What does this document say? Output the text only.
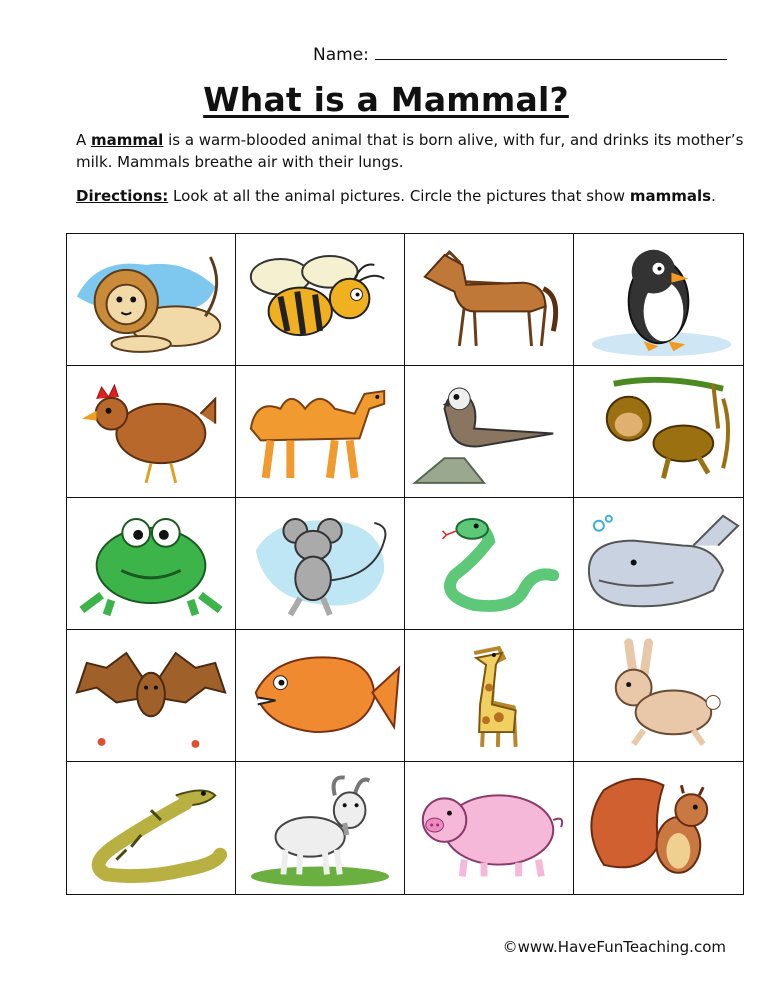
Name:
What is a Mammal?
A mammal is a warm-blooded animal that is born alive, with fur, and drinks its mother’s milk. Mammals breathe air with their lungs.
Directions: Look at all the animal pictures. Circle the pictures that show mammals.
©www.HaveFunTeaching.com
